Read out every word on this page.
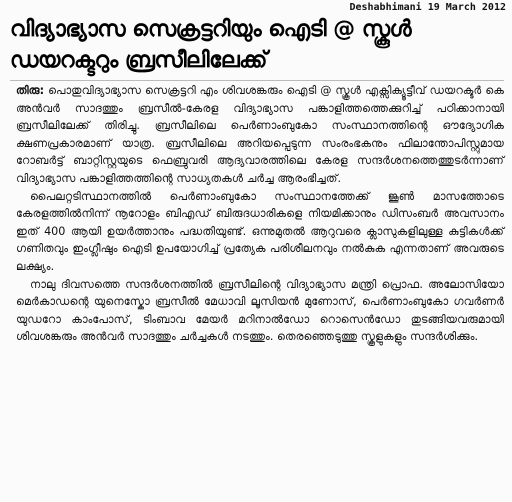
Deshabhimani 19 March 2012
വിദ്യാഭ്യാസ സെക്രട്ടറിയും ഐടി @ സ്കൂൾ
ഡയറക്ടറും ബ്രസീലിലേക്ക്

തിരു: പൊതുവിദ്യാഭ്യാസ സെക്രട്ടറി എം ശിവശങ്കരും ഐടി @ സ്കൂൾ എക്സിക്യൂട്ടീവ് ഡയറക്ടർ കെ അൻവർ സാദത്തും ബ്രസീൽ-കേരള വിദ്യാഭ്യാസ പങ്കാളിത്തത്തെക്കുറിച്ച് പഠിക്കാനായി ബ്രസീലിലേക്ക് തിരിച്ചു. ബ്രസീലിലെ പെർണാംബുകോ സംസ്ഥാനത്തിന്റെ ഔദ്യോഗിക ക്ഷണപ്രകാരമാണ് യാത്ര. ബ്രസീലിലെ അറിയപ്പെടുന്ന സംരംഭകനും ഫിലാന്തോപിസ്റ്റുമായ റോബർട്ട് ബാറ്റിസ്റ്റയുടെ ഫെബ്രുവരി ആദ്യവാരത്തിലെ കേരള സന്ദർശനത്തെത്തുടർന്നാണ് വിദ്യാഭ്യാസ പങ്കാളിത്തത്തിന്റെ സാധ്യതകൾ ചർച്ച ആരംഭിച്ചത്.

പൈലറ്റടിസ്ഥാനത്തിൽ പെർണാംബുകോ സംസ്ഥാനത്തേക്ക് ജൂൺ മാസത്തോടെ കേരളത്തിൽനിന്ന് നൂറോളം ബിഎഡ് ബിരുദധാരികളെ നിയമിക്കാനും ഡിസംബർ അവസാനം ഇത് 400 ആയി ഉയർത്താനും പദ്ധതിയുണ്ട്. ഒന്നുമുതൽ ആറുവരെ ക്ലാസുകളിലുള്ള കുട്ടികൾക്ക് ഗണിതവും ഇംഗ്ലീഷും ഐടി ഉപയോഗിച്ച് പ്രത്യേക പരിശീലനവും നൽകുക എന്നതാണ് അവരുടെ ലക്ഷ്യം.

നാലു ദിവസത്തെ സന്ദർശനത്തിൽ ബ്രസീലിന്റെ വിദ്യാഭ്യാസ മന്ത്രി പ്രൊഫ. അലോസിയോ മെർകാഡന്റെ യുനെസ്കോ ബ്രസീൽ മേധാവി ലൂസിയൻ മുണോസ്, പെർണാംബുകോ ഗവർണർ യുഡറോ കാംപോസ്, ടിംബാവ മേയർ മറിനാൽഡോ റൊസെൻഡോ തുടങ്ങിയവരുമായി ശിവശങ്കരും അൻവർ സാദത്തും ചർച്ചകൾ നടത്തും. തെരഞ്ഞെടുത്തു സ്കൂളുകളും സന്ദർശിക്കും.
